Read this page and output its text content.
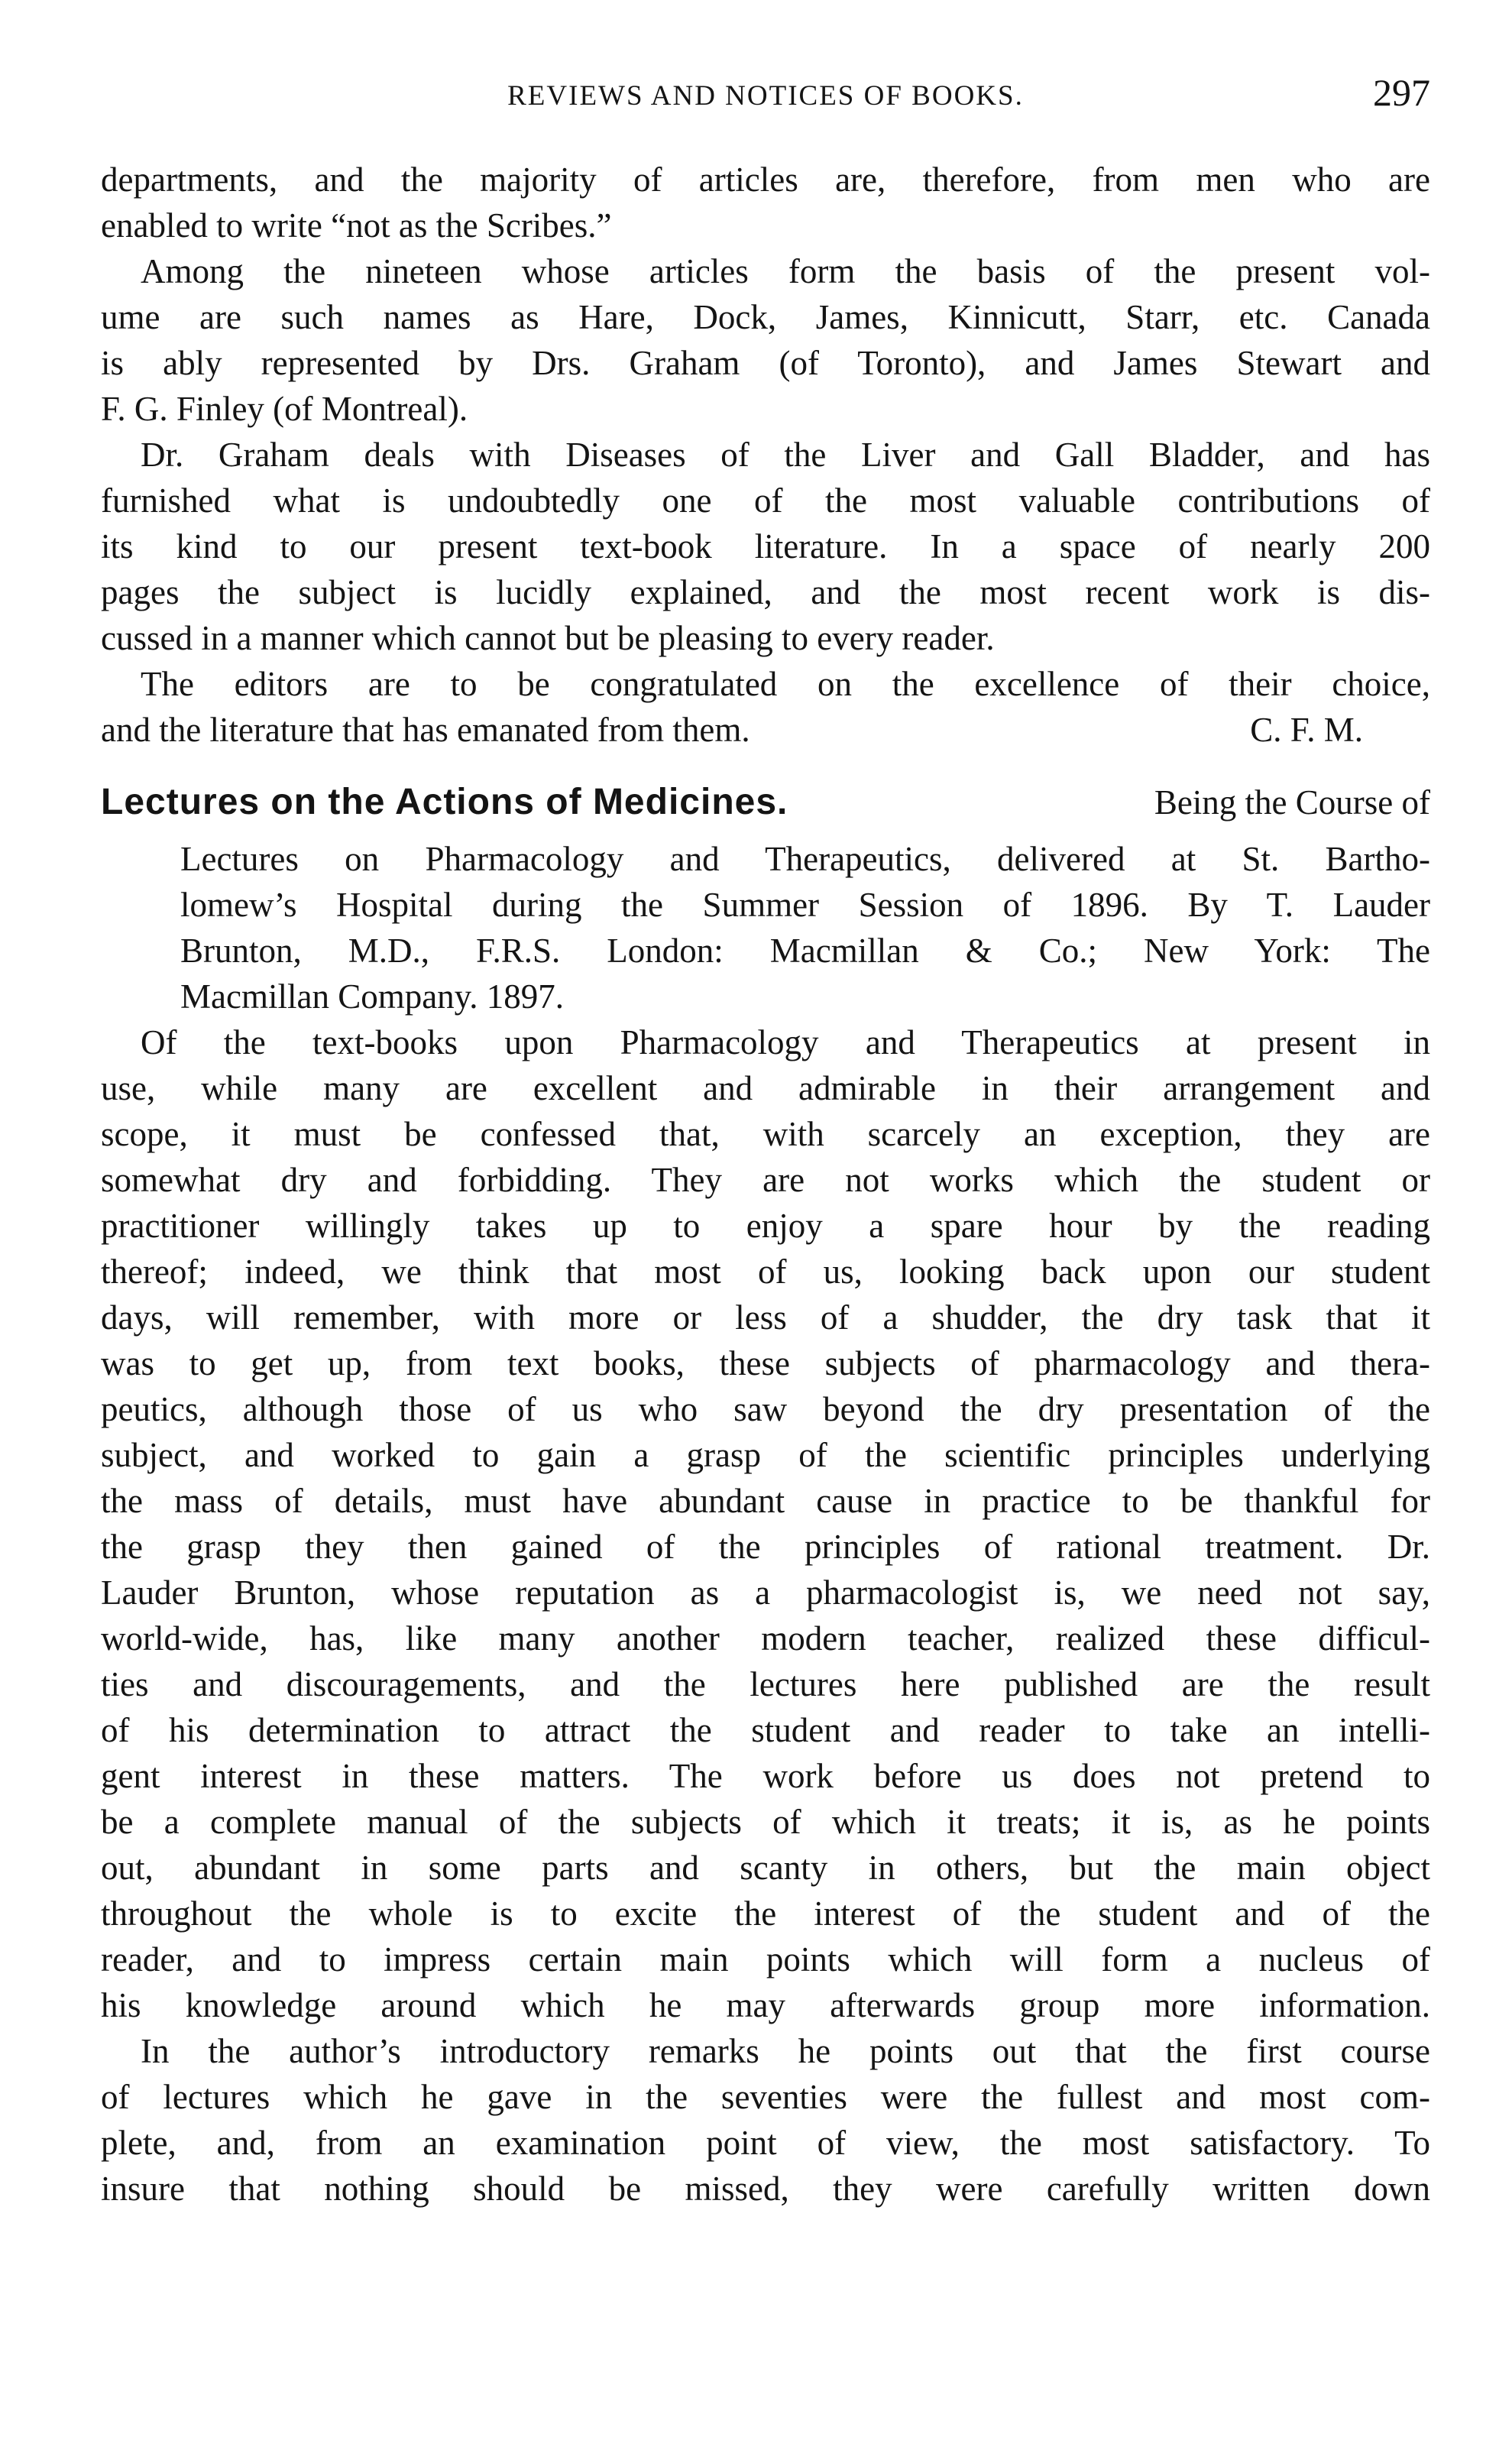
REVIEWS AND NOTICES OF BOOKS.	297
departments, and the majority of articles are, therefore, from men who are
enabled to write “not as the Scribes.”
Among the nineteen whose articles form the basis of the present vol-
ume are such names as Hare, Dock, James, Kinnicutt, Starr, etc. Canada
is ably represented by Drs. Graham (of Toronto), and James Stewart and
F. G. Finley (of Montreal).
Dr. Graham deals with Diseases of the Liver and Gall Bladder, and has
furnished what is undoubtedly one of the most valuable contributions of
its kind to our present text-book literature. In a space of nearly 200
pages the subject is lucidly explained, and the most recent work is dis-
cussed in a manner which cannot but be pleasing to every reader.
The editors are to be congratulated on the excellence of their choice,
and the literature that has emanated from them.	C. F. M.
Lectures on the Actions of Medicines.	Being the Course of
Lectures on Pharmacology and Therapeutics, delivered at St. Bartho-
lomew’s Hospital during the Summer Session of 1896. By T. Lauder
Brunton, M.D., F.R.S. London: Macmillan & Co.; New York: The
Macmillan Company. 1897.
Of the text-books upon Pharmacology and Therapeutics at present in
use, while many are excellent and admirable in their arrangement and
scope, it must be confessed that, with scarcely an exception, they are
somewhat dry and forbidding. They are not works which the student or
practitioner willingly takes up to enjoy a spare hour by the reading
thereof; indeed, we think that most of us, looking back upon our student
days, will remember, with more or less of a shudder, the dry task that it
was to get up, from text books, these subjects of pharmacology and thera-
peutics, although those of us who saw beyond the dry presentation of the
subject, and worked to gain a grasp of the scientific principles underlying
the mass of details, must have abundant cause in practice to be thankful for
the grasp they then gained of the principles of rational treatment. Dr.
Lauder Brunton, whose reputation as a pharmacologist is, we need not say,
world-wide, has, like many another modern teacher, realized these difficul-
ties and discouragements, and the lectures here published are the result
of his determination to attract the student and reader to take an intelli-
gent interest in these matters. The work before us does not pretend to
be a complete manual of the subjects of which it treats; it is, as he points
out, abundant in some parts and scanty in others, but the main object
throughout the whole is to excite the interest of the student and of the
reader, and to impress certain main points which will form a nucleus of
his knowledge around which he may afterwards group more information.
In the author’s introductory remarks he points out that the first course
of lectures which he gave in the seventies were the fullest and most com-
plete, and, from an examination point of view, the most satisfactory. To
insure that nothing should be missed, they were carefully written down
